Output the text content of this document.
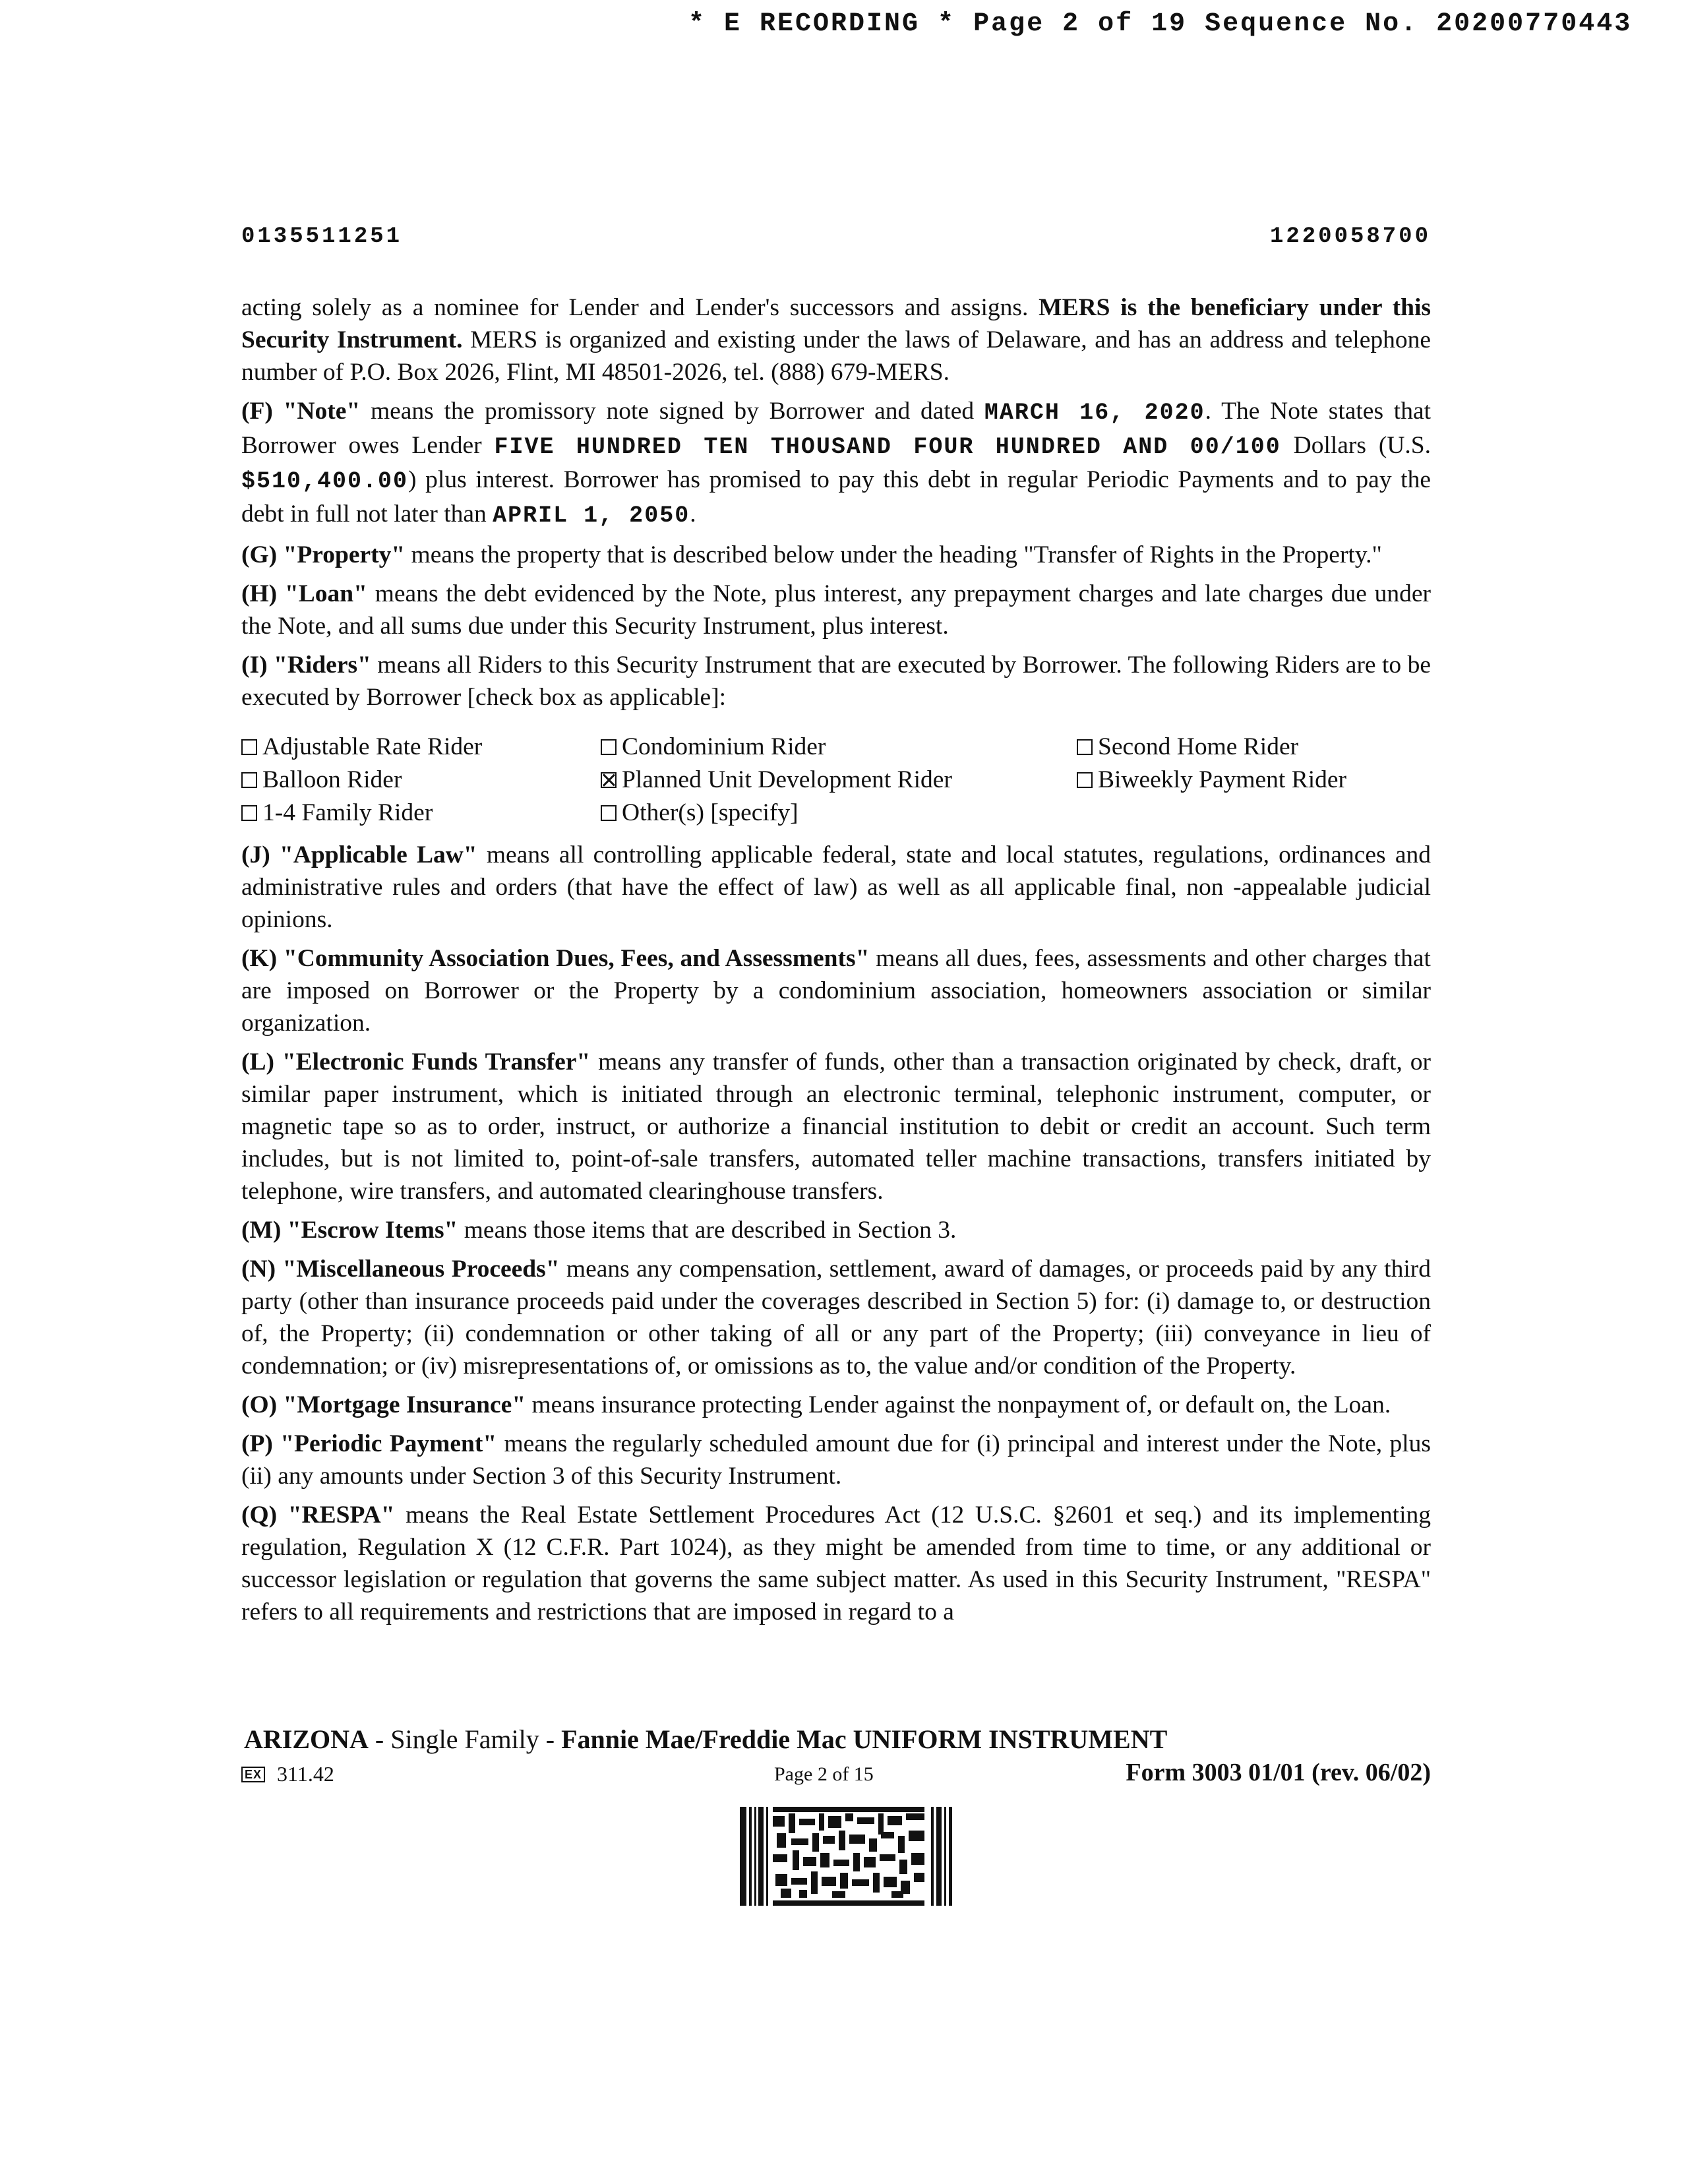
* E RECORDING * Page 2 of 19 Sequence No. 20200770443
0135511251	1220058700

acting solely as a nominee for Lender and Lender's successors and assigns. MERS is the beneficiary under this Security Instrument. MERS is organized and existing under the laws of Delaware, and has an address and telephone number of P.O. Box 2026, Flint, MI 48501-2026, tel. (888) 679-MERS.

(F) "Note" means the promissory note signed by Borrower and dated MARCH 16, 2020. The Note states that Borrower owes Lender FIVE HUNDRED TEN THOUSAND FOUR HUNDRED AND 00/100 Dollars (U.S. $510,400.00) plus interest. Borrower has promised to pay this debt in regular Periodic Payments and to pay the debt in full not later than APRIL 1, 2050.

(G) "Property" means the property that is described below under the heading "Transfer of Rights in the Property."

(H) "Loan" means the debt evidenced by the Note, plus interest, any prepayment charges and late charges due under the Note, and all sums due under this Security Instrument, plus interest.

(I) "Riders" means all Riders to this Security Instrument that are executed by Borrower. The following Riders are to be executed by Borrower [check box as applicable]:

Adjustable Rate Rider	Condominium Rider	Second Home Rider
Balloon Rider	Planned Unit Development Rider	Biweekly Payment Rider
1-4 Family Rider	Other(s) [specify]

(J) "Applicable Law" means all controlling applicable federal, state and local statutes, regulations, ordinances and administrative rules and orders (that have the effect of law) as well as all applicable final, non -appealable judicial opinions.

(K) "Community Association Dues, Fees, and Assessments" means all dues, fees, assessments and other charges that are imposed on Borrower or the Property by a condominium association, homeowners association or similar organization.

(L) "Electronic Funds Transfer" means any transfer of funds, other than a transaction originated by check, draft, or similar paper instrument, which is initiated through an electronic terminal, telephonic instrument, computer, or magnetic tape so as to order, instruct, or authorize a financial institution to debit or credit an account. Such term includes, but is not limited to, point-of-sale transfers, automated teller machine transactions, transfers initiated by telephone, wire transfers, and automated clearinghouse transfers.

(M) "Escrow Items" means those items that are described in Section 3.

(N) "Miscellaneous Proceeds" means any compensation, settlement, award of damages, or proceeds paid by any third party (other than insurance proceeds paid under the coverages described in Section 5) for: (i) damage to, or destruction of, the Property; (ii) condemnation or other taking of all or any part of the Property; (iii) conveyance in lieu of condemnation; or (iv) misrepresentations of, or omissions as to, the value and/or condition of the Property.

(O) "Mortgage Insurance" means insurance protecting Lender against the nonpayment of, or default on, the Loan.

(P) "Periodic Payment" means the regularly scheduled amount due for (i) principal and interest under the Note, plus (ii) any amounts under Section 3 of this Security Instrument.

(Q) "RESPA" means the Real Estate Settlement Procedures Act (12 U.S.C. §2601 et seq.) and its implementing regulation, Regulation X (12 C.F.R. Part 1024), as they might be amended from time to time, or any additional or successor legislation or regulation that governs the same subject matter. As used in this Security Instrument, "RESPA" refers to all requirements and restrictions that are imposed in regard to a

ARIZONA - Single Family - Fannie Mae/Freddie Mac UNIFORM INSTRUMENT
EX 311.42	Page 2 of 15	Form 3003 01/01 (rev. 06/02)
